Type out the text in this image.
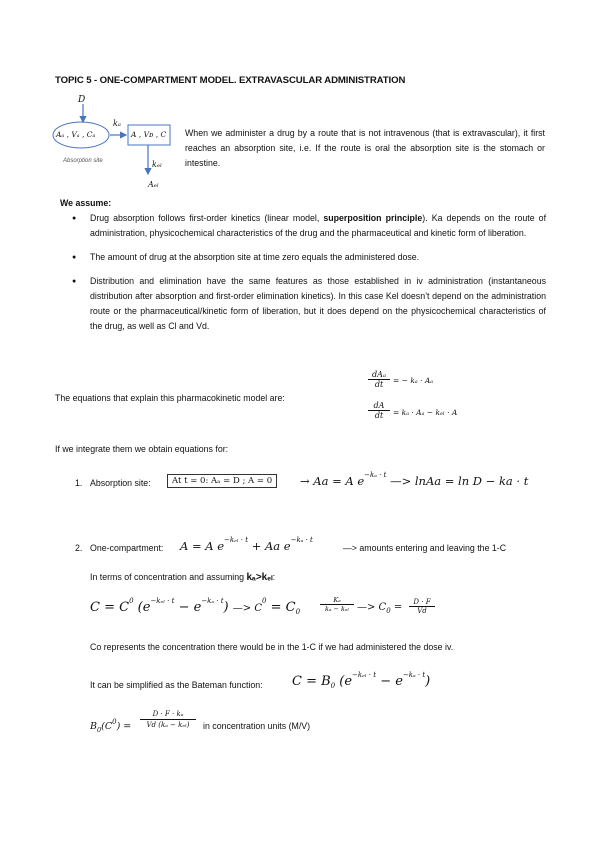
TOPIC 5 - ONE-COMPARTMENT MODEL. EXTRAVASCULAR ADMINISTRATION
D
Aₐ , Vₐ , Cₐ
Absorption site
kₐ
A , Vᴅ , C
kₑₗ
Aₑₗ
When we administer a drug by a route that is not intravenous (that is extravascular), it first reaches an absorption site, i.e. If the route is oral the absorption site is the stomach or intestine.
We assume:
● Drug absorption follows first-order kinetics (linear model, superposition principle). Ka depends on the route of administration, physicochemical characteristics of the drug and the pharmaceutical and kinetic form of liberation.
● The amount of drug at the absorption site at time zero equals the administered dose.
● Distribution and elimination have the same features as those established in iv administration (instantaneous distribution after absorption and first-order elimination kinetics). In this case Kel doesn’t depend on the administration route or the pharmaceutical/kinetic form of liberation, but it does depend on the physicochemical characteristics of the drug, as well as Cl and Vd.
The equations that explain this pharmacokinetic model are:
dAₐ
dt	= − kₐ · Aₐ
dA
dt	= kₐ · Aₐ − kₑₗ · A
If we integrate them we obtain equations for:
1. Absorption site:	At t = 0: Aₐ = D ; A = 0	→ Aa = A $e^{-k_a \cdot t}$ —> lnAa = ln D − ka · t
2. One-compartment: A = A $e^{-k_{el} \cdot t} + Aa$ $e^{-k_a \cdot t}$
—> amounts entering and leaving the 1-C
In terms of concentration and assuming kₐ>kₑₗ:
$C = C^0$ $(e^{-k_{el} \cdot t} - e^{-k_a \cdot t})$ —> $C^0 = C_0$
Kₐ
kₐ − kₑₗ —> $C_0$ =	D · F
Vd
Co represents the concentration there would be in the 1-C if we had administered the dose iv.
It can be simplified as the Bateman function: $C = B_0$ $(e^{-k_{el} \cdot t} - e^{-k_a \cdot t})$
$B_0(C^0)$ =
D · F · kₐ
Vd (kₐ − kₑₗ)	in concentration units (M/V)
